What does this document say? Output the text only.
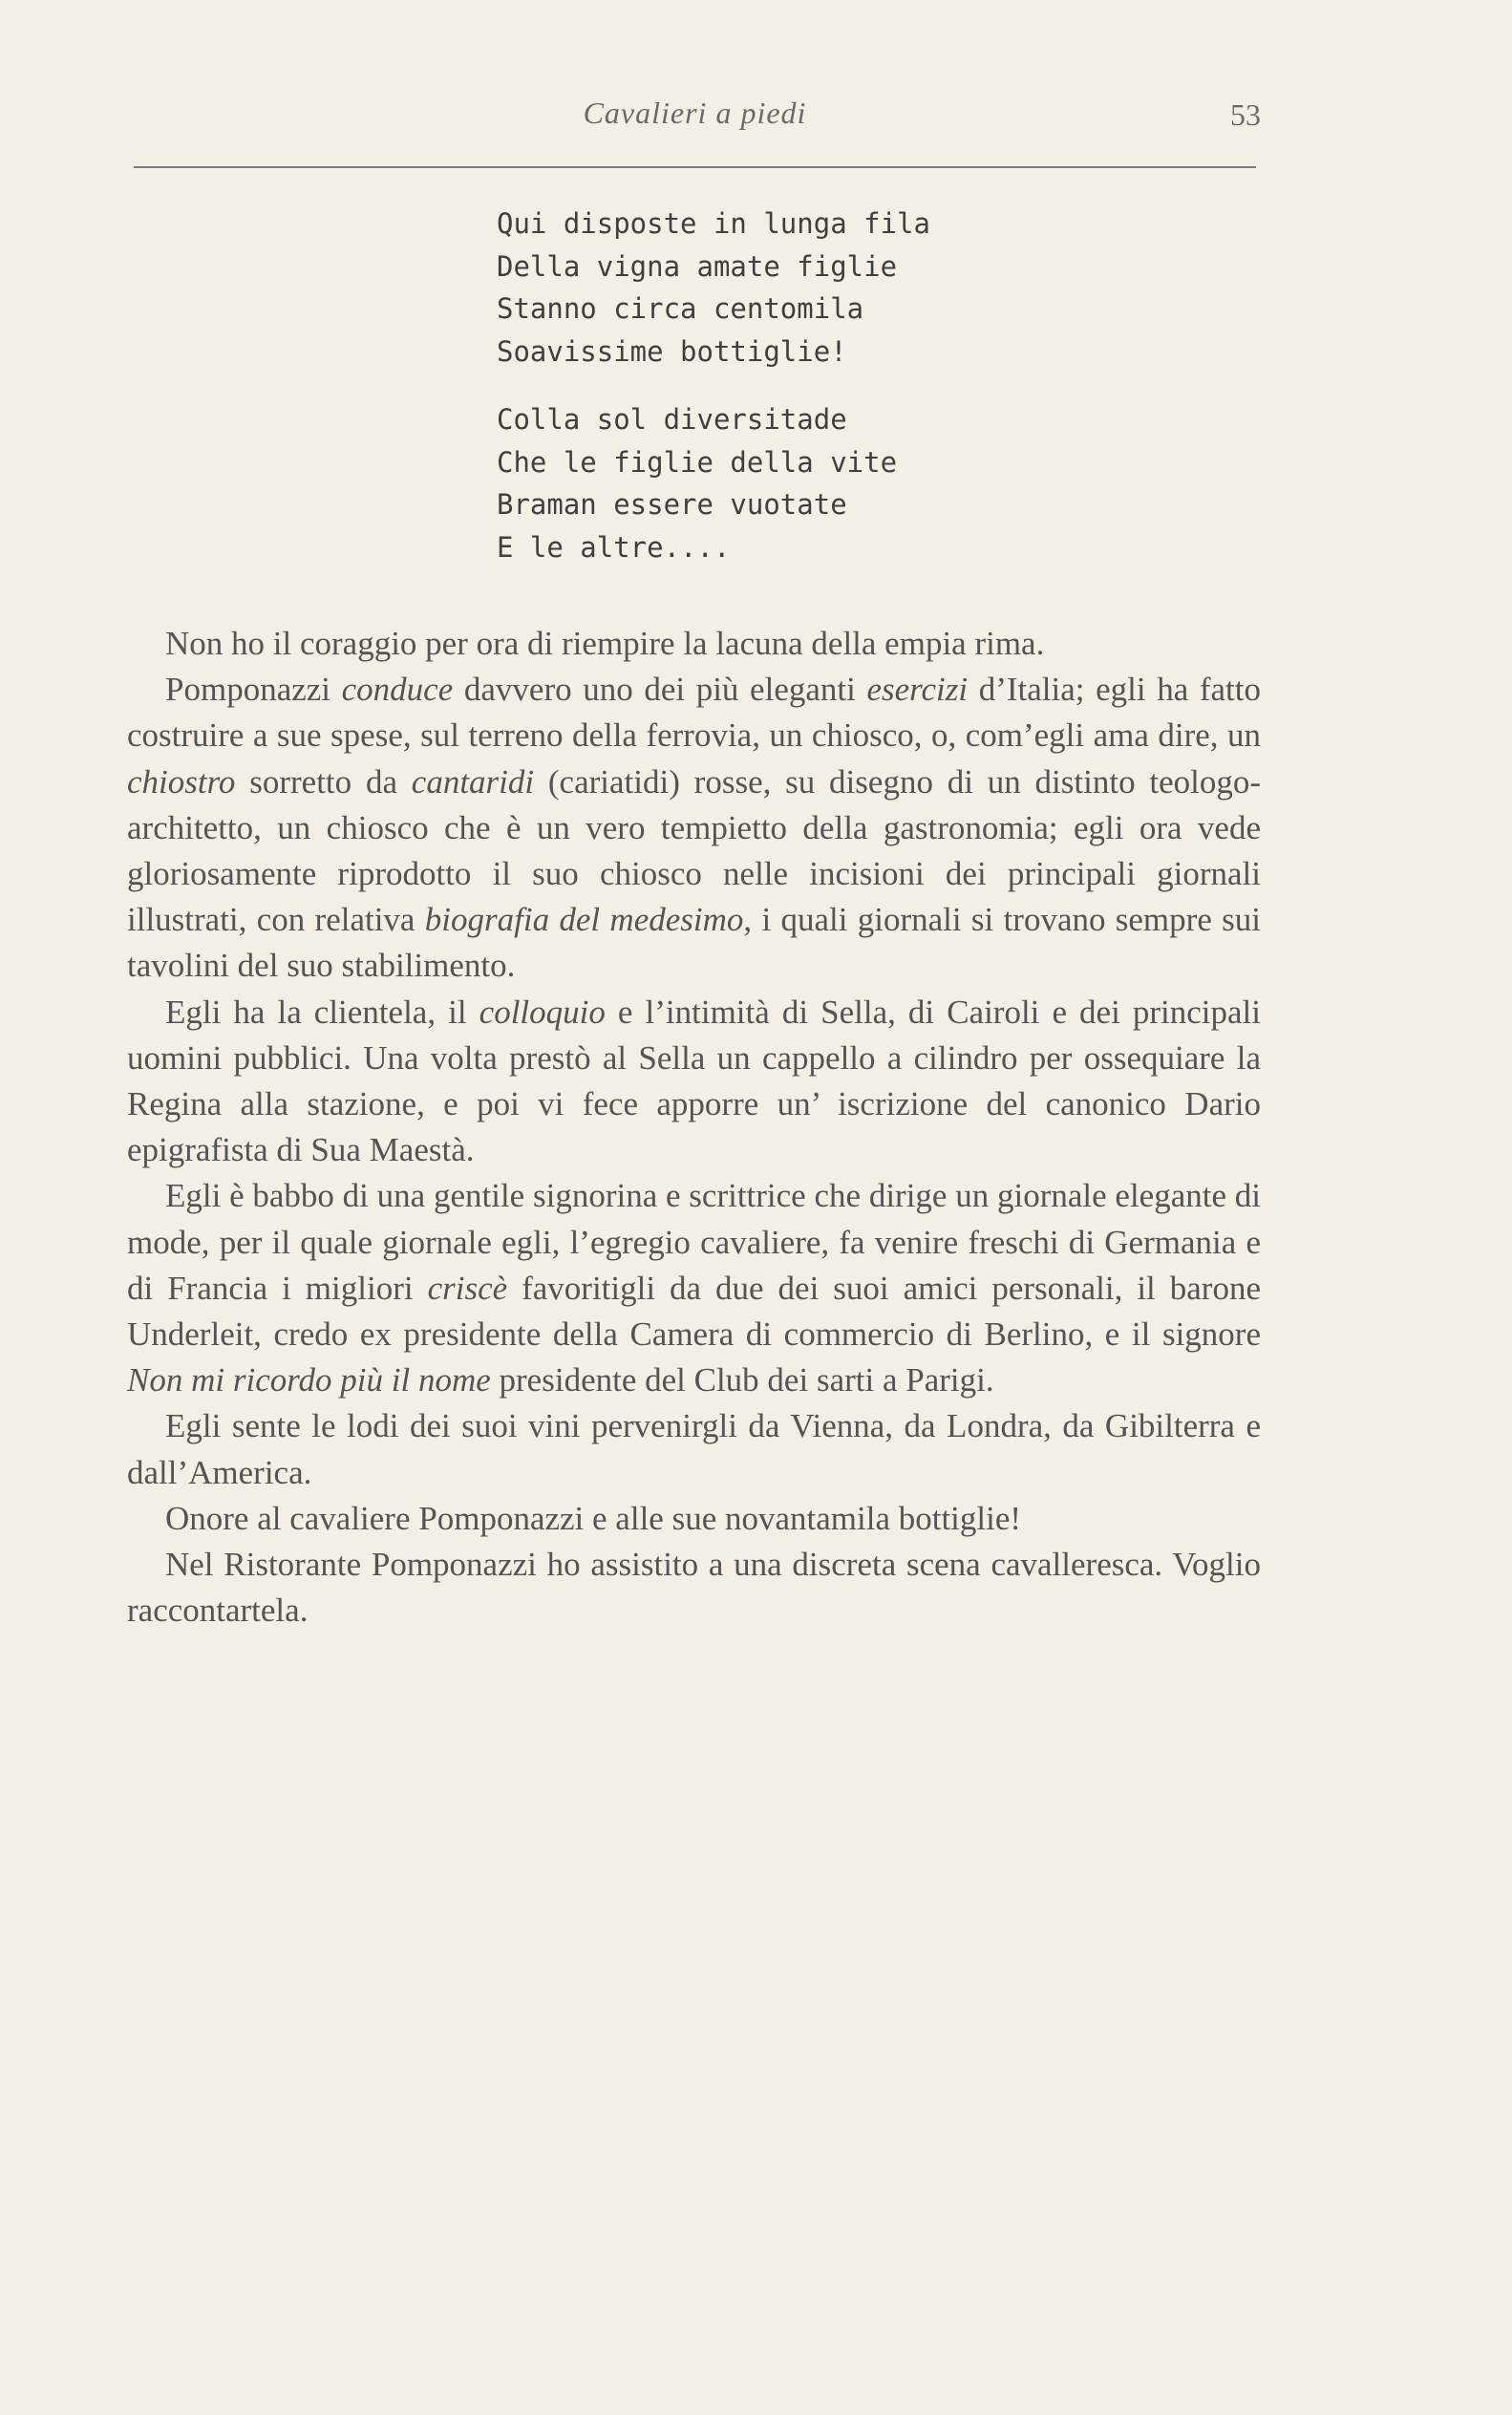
Cavalieri a piedi	53
Qui disposte in lunga fila
Della vigna amate figlie
Stanno circa centomila
Soavissime bottiglie!
Colla sol diversitade
Che le figlie della vite
Braman essere vuotate
E le altre....

Non ho il coraggio per ora di riempire la lacuna della empia rima.

Pomponazzi conduce davvero uno dei più eleganti esercizi d’Italia; egli ha fatto costruire a sue spese, sul terreno della ferrovia, un chiosco, o, com’egli ama dire, un chiostro sorretto da cantaridi (cariatidi) rosse, su disegno di un distinto teologo-architetto, un chiosco che è un vero tempietto della gastronomia; egli ora vede gloriosamente riprodotto il suo chiosco nelle incisioni dei principali giornali illustrati, con relativa biografia del medesimo, i quali giornali si trovano sempre sui tavolini del suo stabilimento.

Egli ha la clientela, il colloquio e l’intimità di Sella, di Cairoli e dei principali uomini pubblici. Una volta prestò al Sella un cappello a cilindro per ossequiare la Regina alla stazione, e poi vi fece apporre un’ iscrizione del canonico Dario epigrafista di Sua Maestà.

Egli è babbo di una gentile signorina e scrittrice che dirige un giornale elegante di mode, per il quale giornale egli, l’egregio cavaliere, fa venire freschi di Germania e di Francia i migliori criscè favoritigli da due dei suoi amici personali, il barone Underleit, credo ex presidente della Camera di commercio di Berlino, e il signore Non mi ricordo più il nome presidente del Club dei sarti a Parigi.

Egli sente le lodi dei suoi vini pervenirgli da Vienna, da Londra, da Gibilterra e dall’America.

Onore al cavaliere Pomponazzi e alle sue novantamila bottiglie!

Nel Ristorante Pomponazzi ho assistito a una discreta scena cavalleresca. Voglio raccontartela.
